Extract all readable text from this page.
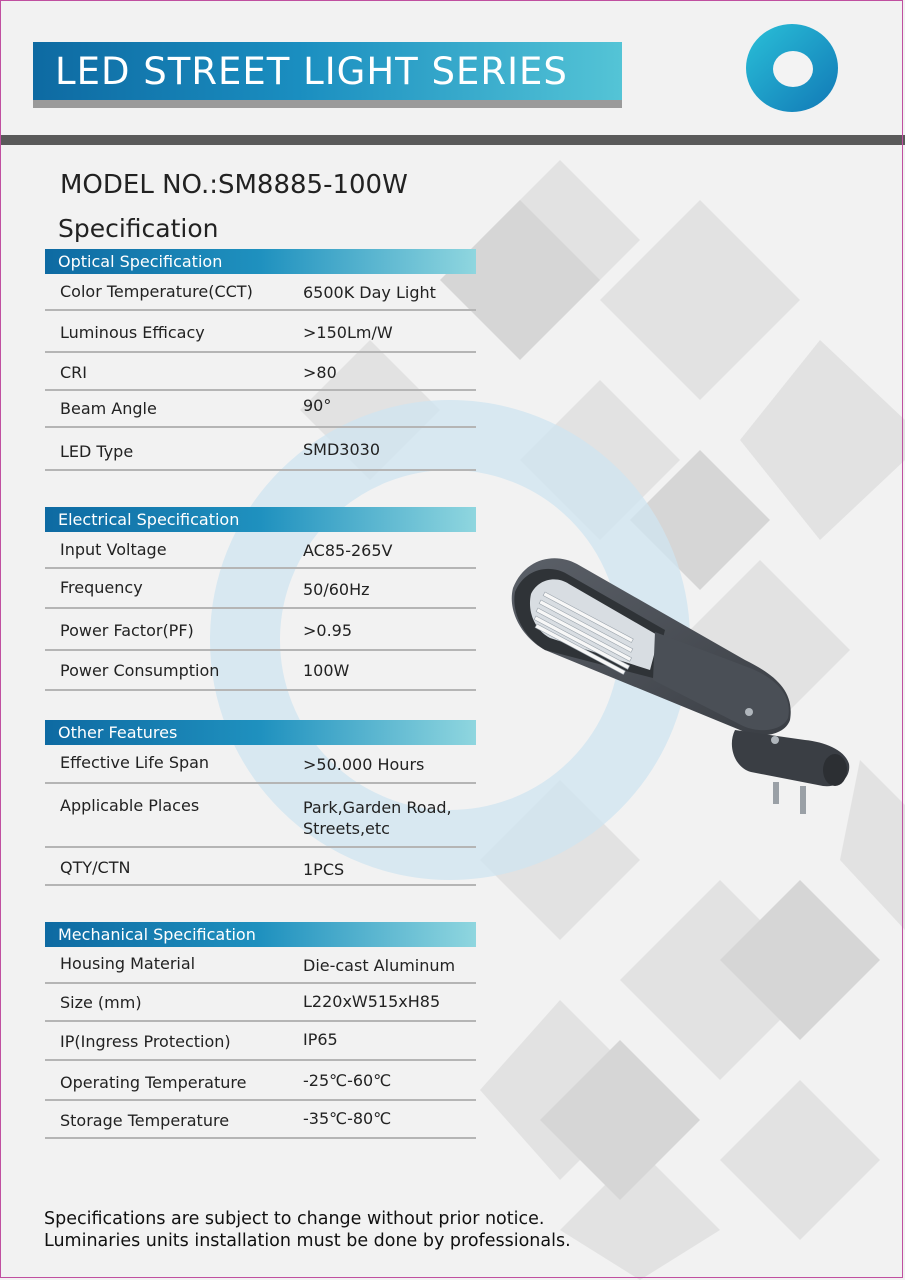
LED STREET LIGHT SERIES
MODEL NO.:SM8885-100W
Specification
Optical Specification
Color Temperature(CCT)	6500K Day Light
Luminous Efficacy	>150Lm/W
CRI	>80
Beam Angle	90°
LED Type	SMD3030
Electrical Specification
Input Voltage	AC85-265V
Frequency	50/60Hz
Power Factor(PF)	>0.95
Power Consumption	100W
Other Features
Effective Life Span	>50.000 Hours
Applicable Places	Park,Garden Road,
Streets,etc
QTY/CTN	1PCS
Mechanical Specification
Housing Material	Die-cast Aluminum
Size (mm)	L220xW515xH85
IP(Ingress Protection)	IP65
Operating Temperature	-25℃-60℃
Storage Temperature	-35℃-80℃
Specifications are subject to change without prior notice.
Luminaries units installation must be done by professionals.
